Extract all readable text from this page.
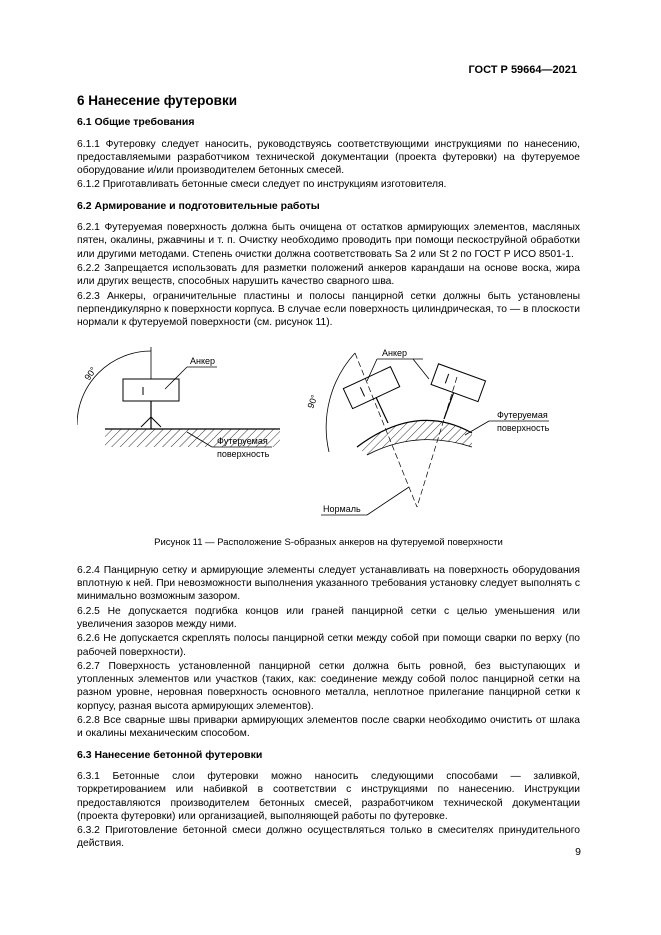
ГОСТ Р 59664—2021
6 Нанесение футеровки
6.1 Общие требования

6.1.1 Футеровку следует наносить, руководствуясь соответствующими инструкциями по нанесению, предоставляемыми разработчиком технической документации (проекта футеровки) на футеруемое оборудование и/или производителем бетонных смесей.

6.1.2 Приготавливать бетонные смеси следует по инструкциям изготовителя.

6.2 Армирование и подготовительные работы

6.2.1 Футеруемая поверхность должна быть очищена от остатков армирующих элементов, масляных пятен, окалины, ржавчины и т. п. Очистку необходимо проводить при помощи пескоструйной обработки или другими методами. Степень очистки должна соответствовать Sa 2 или St 2 по ГОСТ Р ИСО 8501-1.

6.2.2 Запрещается использовать для разметки положений анкеров карандаши на основе воска, жира или других веществ, способных нарушить качество сварного шва.

6.2.3 Анкеры, ограничительные пластины и полосы панцирной сетки должны быть установлены перпендикулярно к поверхности корпуса. В случае если поверхность цилиндрическая, то — в плоскости нормали к футеруемой поверхности (см. рисунок 11).

90°
Анкер
Футеруемая
поверхность
90°
Анкер
Футеруемая
поверхность
Нормаль
Рисунок 11 — Расположение S-образных анкеров на футеруемой поверхности

6.2.4 Панцирную сетку и армирующие элементы следует устанавливать на поверхность оборудования вплотную к ней. При невозможности выполнения указанного требования установку следует выполнять с минимально возможным зазором.

6.2.5 Не допускается подгибка концов или граней панцирной сетки с целью уменьшения или увеличения зазоров между ними.

6.2.6 Не допускается скреплять полосы панцирной сетки между собой при помощи сварки по верху (по рабочей поверхности).

6.2.7 Поверхность установленной панцирной сетки должна быть ровной, без выступающих и утопленных элементов или участков (таких, как: соединение между собой полос панцирной сетки на разном уровне, неровная поверхность основного металла, неплотное прилегание панцирной сетки к корпусу, разная высота армирующих элементов).

6.2.8 Все сварные швы приварки армирующих элементов после сварки необходимо очистить от шлака и окалины механическим способом.

6.3 Нанесение бетонной футеровки

6.3.1 Бетонные слои футеровки можно наносить следующими способами — заливкой, торкретированием или набивкой в соответствии с инструкциями по нанесению. Инструкции предоставляются производителем бетонных смесей, разработчиком технической документации (проекта футеровки) или организацией, выполняющей работы по футеровке.

6.3.2 Приготовление бетонной смеси должно осуществляться только в смесителях принудительного действия.

9
